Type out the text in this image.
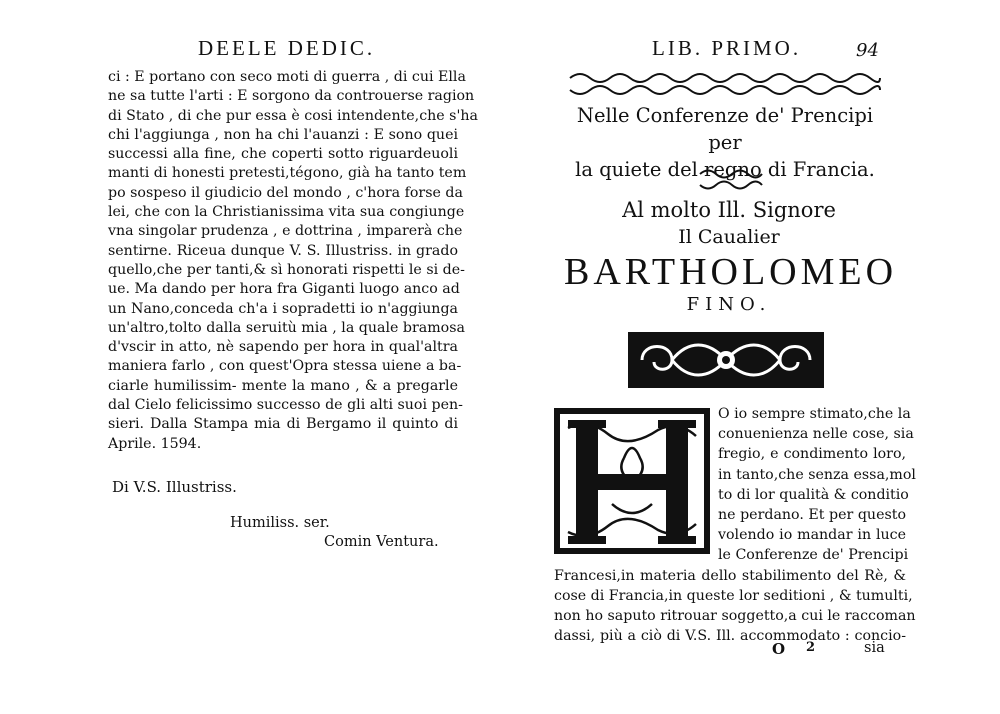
DEELE DEDIC.
ci : E portano con seco moti di guerra , di cui Ella
ne sa tutte l'arti : E sorgono da controuerse ragion
di Stato , di che pur essa è cosi intendente,che s'ha
chi l'aggiunga , non ha chi l'auanzi : E sono quei
successi alla fine, che coperti sotto riguardeuoli
manti di honesti pretesti,tégono, già ha tanto tem
po sospeso il giudicio del mondo , c'hora forse da
lei, che con la Christianissima vita sua congiunge
vna singolar prudenza , e dottrina , imparerà che
sentirne. Riceua dunque V. S. Illustriss. in grado
quello,che per tanti,& sì honorati rispetti le si de-
ue. Ma dando per hora fra Giganti luogo anco ad
un Nano,conceda ch'a i sopradetti io n'aggiunga
un'altro,tolto dalla seruitù mia , la quale bramosa
d'vscir in atto, nè sapendo per hora in qual'altra
maniera farlo , con quest'Opra stessa uiene a ba-
ciarle humilissim- mente la mano , & a pregarle
dal Cielo felicissimo successo de gli alti suoi pen-
sieri. Dalla Stampa mia di Bergamo il quinto di
Aprile. 1594.
Di V.S. Illustriss.
Humiliss. ser.
Comin Ventura.
LIB. PRIMO.	94
Nelle Conferenze de' Prencipi per
la quiete del regno di Francia.
Al molto Ill. Signore
Il Caualier
BARTHOLOMEO
FINO.
O io sempre stimato,che la
conuenienza nelle cose, sia
fregio, e condimento loro,
in tanto,che senza essa,mol
to di lor qualità & conditio
ne perdano. Et per questo
volendo io mandar in luce
le Conferenze de' Prencipi
Francesi,in materia dello stabilimento del Rè, &
cose di Francia,in queste lor seditioni , & tumulti,
non ho saputo ritrouar soggetto,a cui le raccoman
dassi, più a ciò di V.S. Ill. accommodato : concio-
O 2	sia
